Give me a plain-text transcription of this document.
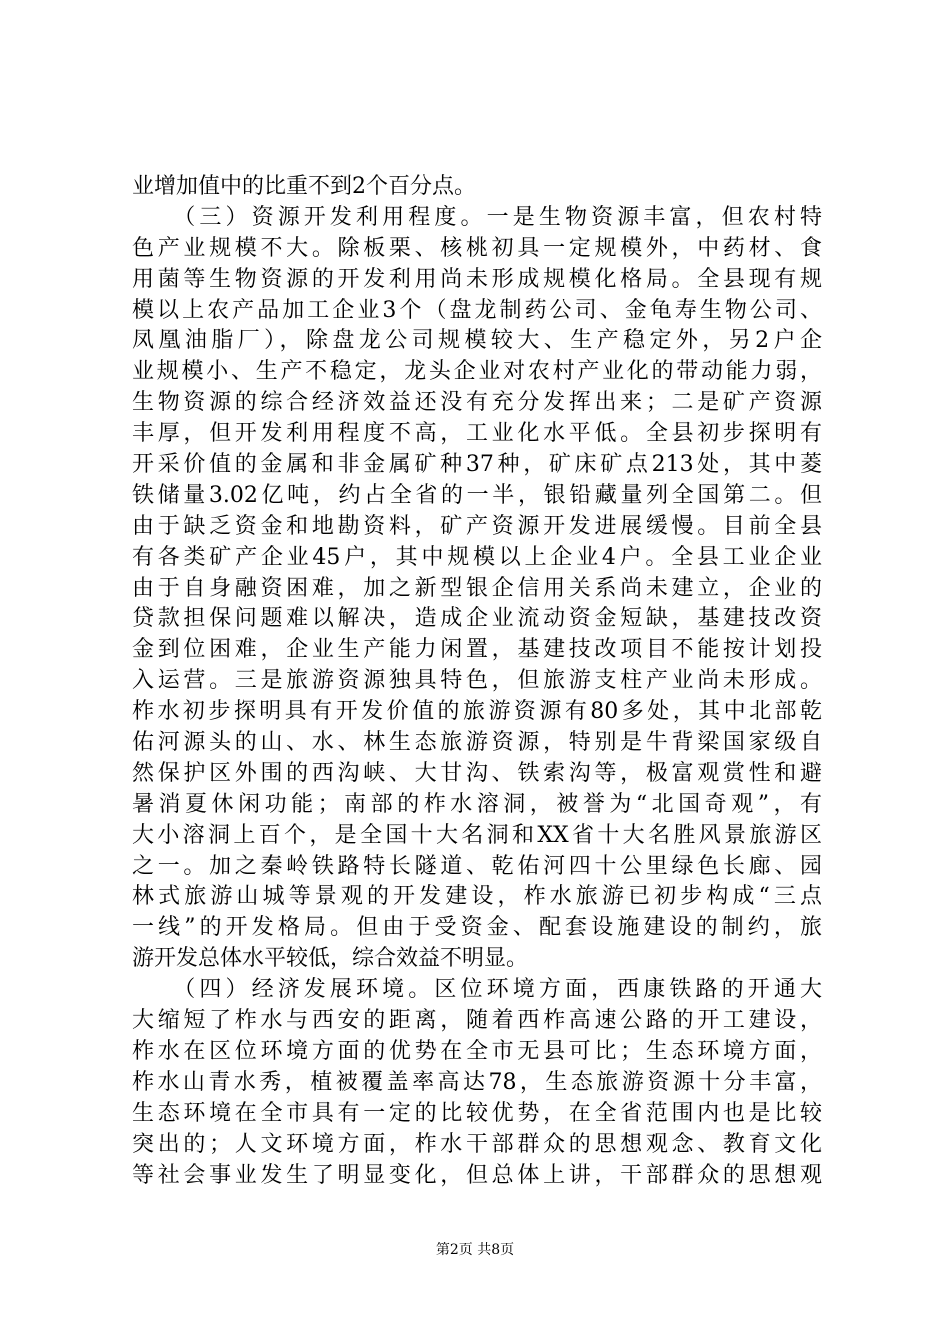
业增加值中的比重不到2个百分点。
　　（三）资源开发利用程度。一是生物资源丰富，但农村特
色产业规模不大。除板栗、核桃初具一定规模外，中药材、食
用菌等生物资源的开发利用尚未形成规模化格局。全县现有规
模以上农产品加工企业3个（盘龙制药公司、金龟寿生物公司、
凤凰油脂厂），除盘龙公司规模较大、生产稳定外，另2户企
业规模小、生产不稳定，龙头企业对农村产业化的带动能力弱，
生物资源的综合经济效益还没有充分发挥出来；二是矿产资源
丰厚，但开发利用程度不高，工业化水平低。全县初步探明有
开采价值的金属和非金属矿种37种，矿床矿点213处，其中菱
铁储量3.02亿吨，约占全省的一半，银铅藏量列全国第二。但
由于缺乏资金和地勘资料，矿产资源开发进展缓慢。目前全县
有各类矿产企业45户，其中规模以上企业4户。全县工业企业
由于自身融资困难，加之新型银企信用关系尚未建立，企业的
贷款担保问题难以解决，造成企业流动资金短缺，基建技改资
金到位困难，企业生产能力闲置，基建技改项目不能按计划投
入运营。三是旅游资源独具特色，但旅游支柱产业尚未形成。
柞水初步探明具有开发价值的旅游资源有80多处，其中北部乾
佑河源头的山、水、林生态旅游资源，特别是牛背梁国家级自
然保护区外围的西沟峡、大甘沟、铁索沟等，极富观赏性和避
暑消夏休闲功能；南部的柞水溶洞，被誉为“北国奇观”，有
大小溶洞上百个，是全国十大名洞和XX省十大名胜风景旅游区
之一。加之秦岭铁路特长隧道、乾佑河四十公里绿色长廊、园
林式旅游山城等景观的开发建设，柞水旅游已初步构成“三点
一线”的开发格局。但由于受资金、配套设施建设的制约，旅
游开发总体水平较低，综合效益不明显。
　　（四）经济发展环境。区位环境方面，西康铁路的开通大
大缩短了柞水与西安的距离，随着西柞高速公路的开工建设，
柞水在区位环境方面的优势在全市无县可比；生态环境方面，
柞水山青水秀，植被覆盖率高达78，生态旅游资源十分丰富，
生态环境在全市具有一定的比较优势，在全省范围内也是比较
突出的；人文环境方面，柞水干部群众的思想观念、教育文化
等社会事业发生了明显变化，但总体上讲，干部群众的思想观
第2页 共8页
